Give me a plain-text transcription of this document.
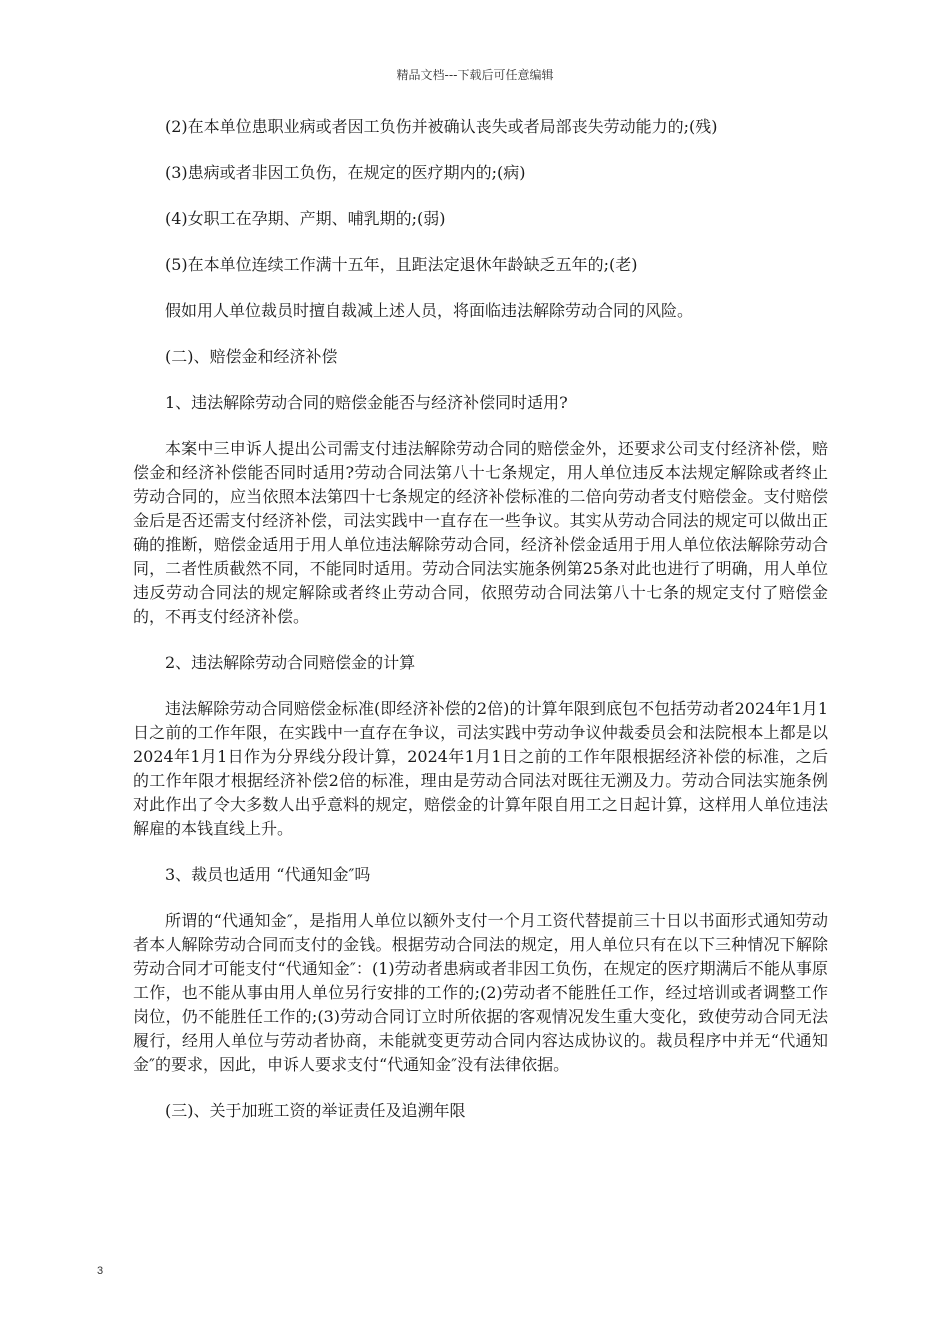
精品文档---下载后可任意编辑

(2)在本单位患职业病或者因工负伤并被确认丧失或者局部丧失劳动能力的;(残)

(3)患病或者非因工负伤，在规定的医疗期内的;(病)

(4)女职工在孕期、产期、哺乳期的;(弱)

(5)在本单位连续工作满十五年，且距法定退休年龄缺乏五年的;(老)

假如用人单位裁员时擅自裁减上述人员，将面临违法解除劳动合同的风险。

(二)、赔偿金和经济补偿

1、违法解除劳动合同的赔偿金能否与经济补偿同时适用?

本案中三申诉人提出公司需支付违法解除劳动合同的赔偿金外，还要求公司支付经济补偿，赔偿金和经济补偿能否同时适用?劳动合同法第八十七条规定，用人单位违反本法规定解除或者终止劳动合同的，应当依照本法第四十七条规定的经济补偿标准的二倍向劳动者支付赔偿金。支付赔偿金后是否还需支付经济补偿，司法实践中一直存在一些争议。其实从劳动合同法的规定可以做出正确的推断，赔偿金适用于用人单位违法解除劳动合同，经济补偿金适用于用人单位依法解除劳动合同，二者性质截然不同，不能同时适用。劳动合同法实施条例第25条对此也进行了明确，用人单位违反劳动合同法的规定解除或者终止劳动合同，依照劳动合同法第八十七条的规定支付了赔偿金的，不再支付经济补偿。

2、违法解除劳动合同赔偿金的计算

违法解除劳动合同赔偿金标准(即经济补偿的2倍)的计算年限到底包不包括劳动者2024年1月1日之前的工作年限，在实践中一直存在争议，司法实践中劳动争议仲裁委员会和法院根本上都是以2024年1月1日作为分界线分段计算，2024年1月1日之前的工作年限根据经济补偿的标准，之后的工作年限才根据经济补偿2倍的标准，理由是劳动合同法对既往无溯及力。劳动合同法实施条例对此作出了令大多数人出乎意料的规定，赔偿金的计算年限自用工之日起计算，这样用人单位违法解雇的本钱直线上升。

3、裁员也适用 “代通知金″吗

所谓的“代通知金″，是指用人单位以额外支付一个月工资代替提前三十日以书面形式通知劳动者本人解除劳动合同而支付的金钱。根据劳动合同法的规定，用人单位只有在以下三种情况下解除劳动合同才可能支付“代通知金″：(1)劳动者患病或者非因工负伤，在规定的医疗期满后不能从事原工作，也不能从事由用人单位另行安排的工作的;(2)劳动者不能胜任工作，经过培训或者调整工作岗位，仍不能胜任工作的;(3)劳动合同订立时所依据的客观情况发生重大变化，致使劳动合同无法履行，经用人单位与劳动者协商，未能就变更劳动合同内容达成协议的。裁员程序中并无“代通知金″的要求，因此，申诉人要求支付“代通知金″没有法律依据。

(三)、关于加班工资的举证责任及追溯年限

3
